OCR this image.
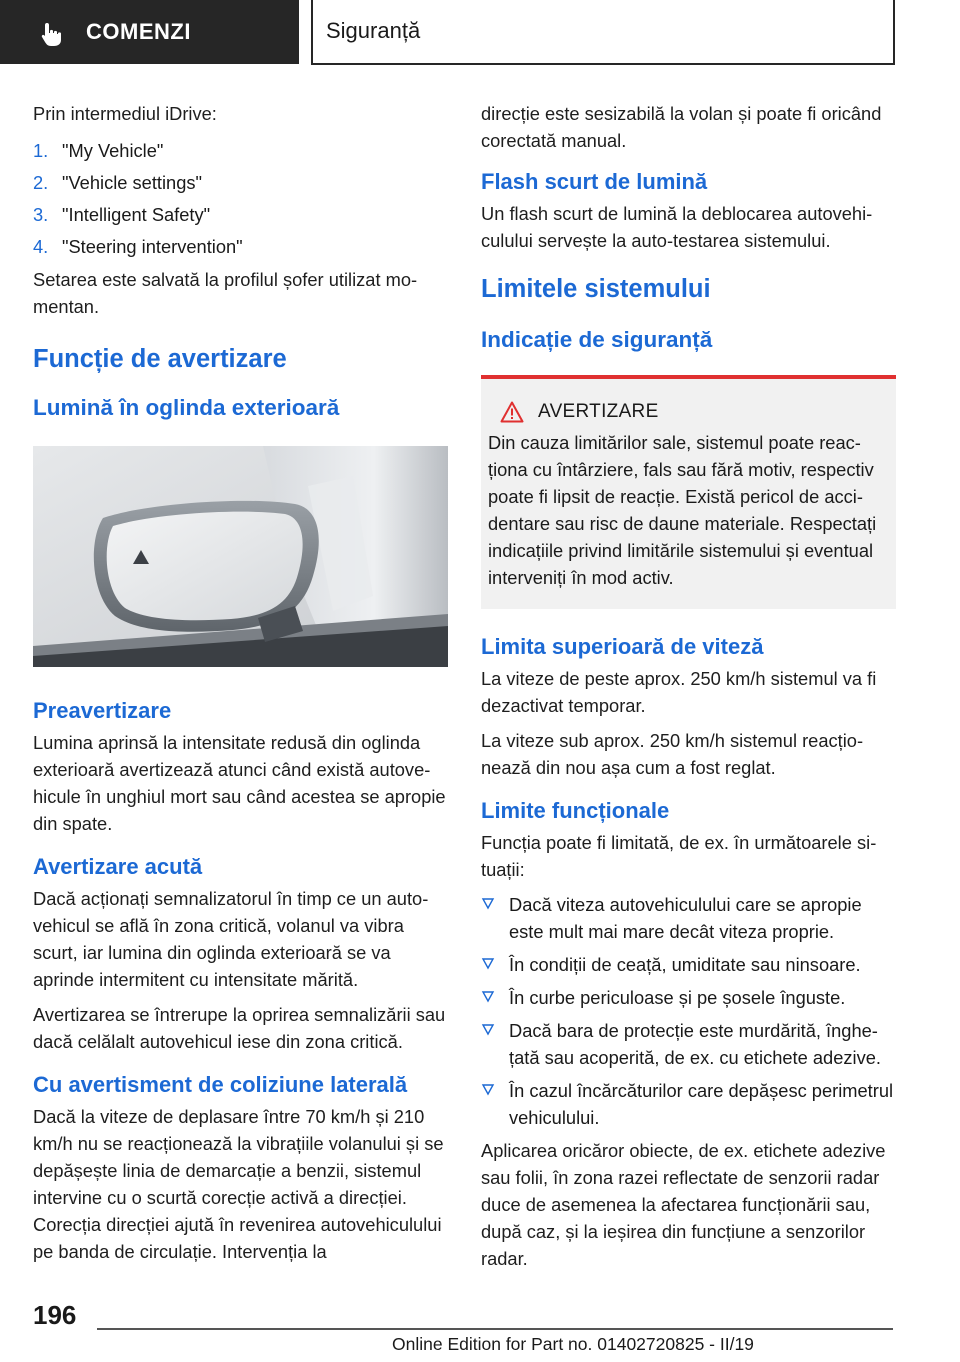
COMENZI	Siguranță

Prin intermediul iDrive:

1. "My Vehicle"
2. "Vehicle settings"
3. "Intelligent Safety"
4. "Steering intervention"

Setarea este salvată la profilul șofer utilizat momentan.

Funcție de avertizare
Lumină în oglinda exterioară
Preavertizare

Lumina aprinsă la intensitate redusă din oglinda exterioară avertizează atunci când există autovehicule în unghiul mort sau când acestea se apropie din spate.

Avertizare acută

Dacă acționați semnalizatorul în timp ce un autovehicul se află în zona critică, volanul va vibra scurt, iar lumina din oglinda exterioară se va aprinde intermitent cu intensitate mărită.

Avertizarea se întrerupe la oprirea semnalizării sau dacă celălalt autovehicul iese din zona critică.

Cu avertisment de coliziune laterală

Dacă la viteze de deplasare între 70 km/h și 210 km/h nu se reacționează la vibrațiile volanului și se depășește linia de demarcație a benzii, sistemul intervine cu o scurtă corecție activă a direcției. Corecția direcției ajută în revenirea autovehiculului pe banda de circulație. Intervenția la

direcție este sesizabilă la volan și poate fi oricând corectată manual.

Flash scurt de lumină

Un flash scurt de lumină la deblocarea autovehiculului servește la auto-testarea sistemului.

Limitele sistemului
Indicație de siguranță
AVERTIZARE

Din cauza limitărilor sale, sistemul poate reacționa cu întârziere, fals sau fără motiv, respectiv poate fi lipsit de reacție. Există pericol de accidentare sau risc de daune materiale. Respectați indicațiile privind limitările sistemului și eventual interveniți în mod activ.

Limita superioară de viteză

La viteze de peste aprox. 250 km/h sistemul va fi dezactivat temporar.

La viteze sub aprox. 250 km/h sistemul reacționează din nou așa cum a fost reglat.

Limite funcționale

Funcția poate fi limitată, de ex. în următoarele situații:

Dacă viteza autovehiculului care se apropie este mult mai mare decât viteza proprie.
În condiții de ceață, umiditate sau ninsoare.
În curbe periculoase și pe șosele înguste.
Dacă bara de protecție este murdărită, înghețată sau acoperită, de ex. cu etichete adezive.
În cazul încărcăturilor care depășesc perimetrul vehiculului.

Aplicarea oricăror obiecte, de ex. etichete adezive sau folii, în zona razei reflectate de senzorii radar duce de asemenea la afectarea funcționării sau, după caz, și la ieșirea din funcțiune a senzorilor radar.

196
Online Edition for Part no. 01402720825 - II/19
